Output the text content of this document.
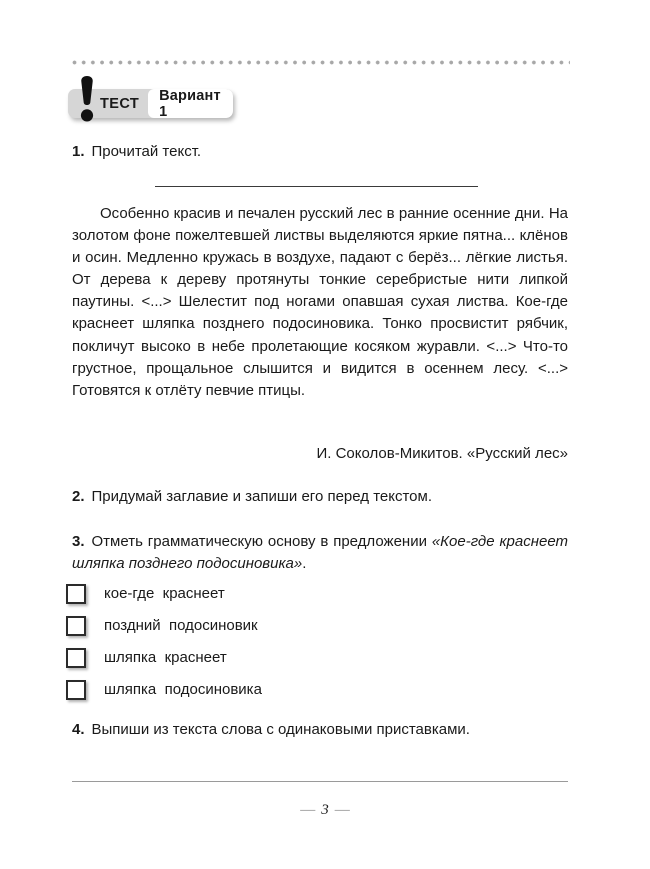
ТЕСТ	Вариант 1
1. Прочитай текст.
Особенно красив и печален русский лес в ранние осенние дни. На золотом фоне пожелтевшей листвы выделяются яркие пятна... клёнов и осин. Медленно кружась в воздухе, падают с берёз... лёгкие листья. От дерева к дереву протянуты тонкие серебристые нити липкой паутины. <...> Шелестит под ногами опавшая сухая листва. Кое-где краснеет шляпка позднего подосиновика. Тонко просвистит рябчик, покличут высоко в небе пролетающие косяком журавли. <...> Что-то грустное, прощальное слышится и видится в осеннем лесу. <...> Готовятся к отлёту певчие птицы.
И. Соколов-Микитов. «Русский лес»
2. Придумай заглавие и запиши его перед текстом.
3. Отметь грамматическую основу в предложении «Кое-где краснеет шляпка позднего подосиновика».
кое-где  краснеет
поздний  подосиновик
шляпка  краснеет
шляпка  подосиновика
4. Выпиши из текста слова с одинаковыми приставками.
— 3 —
